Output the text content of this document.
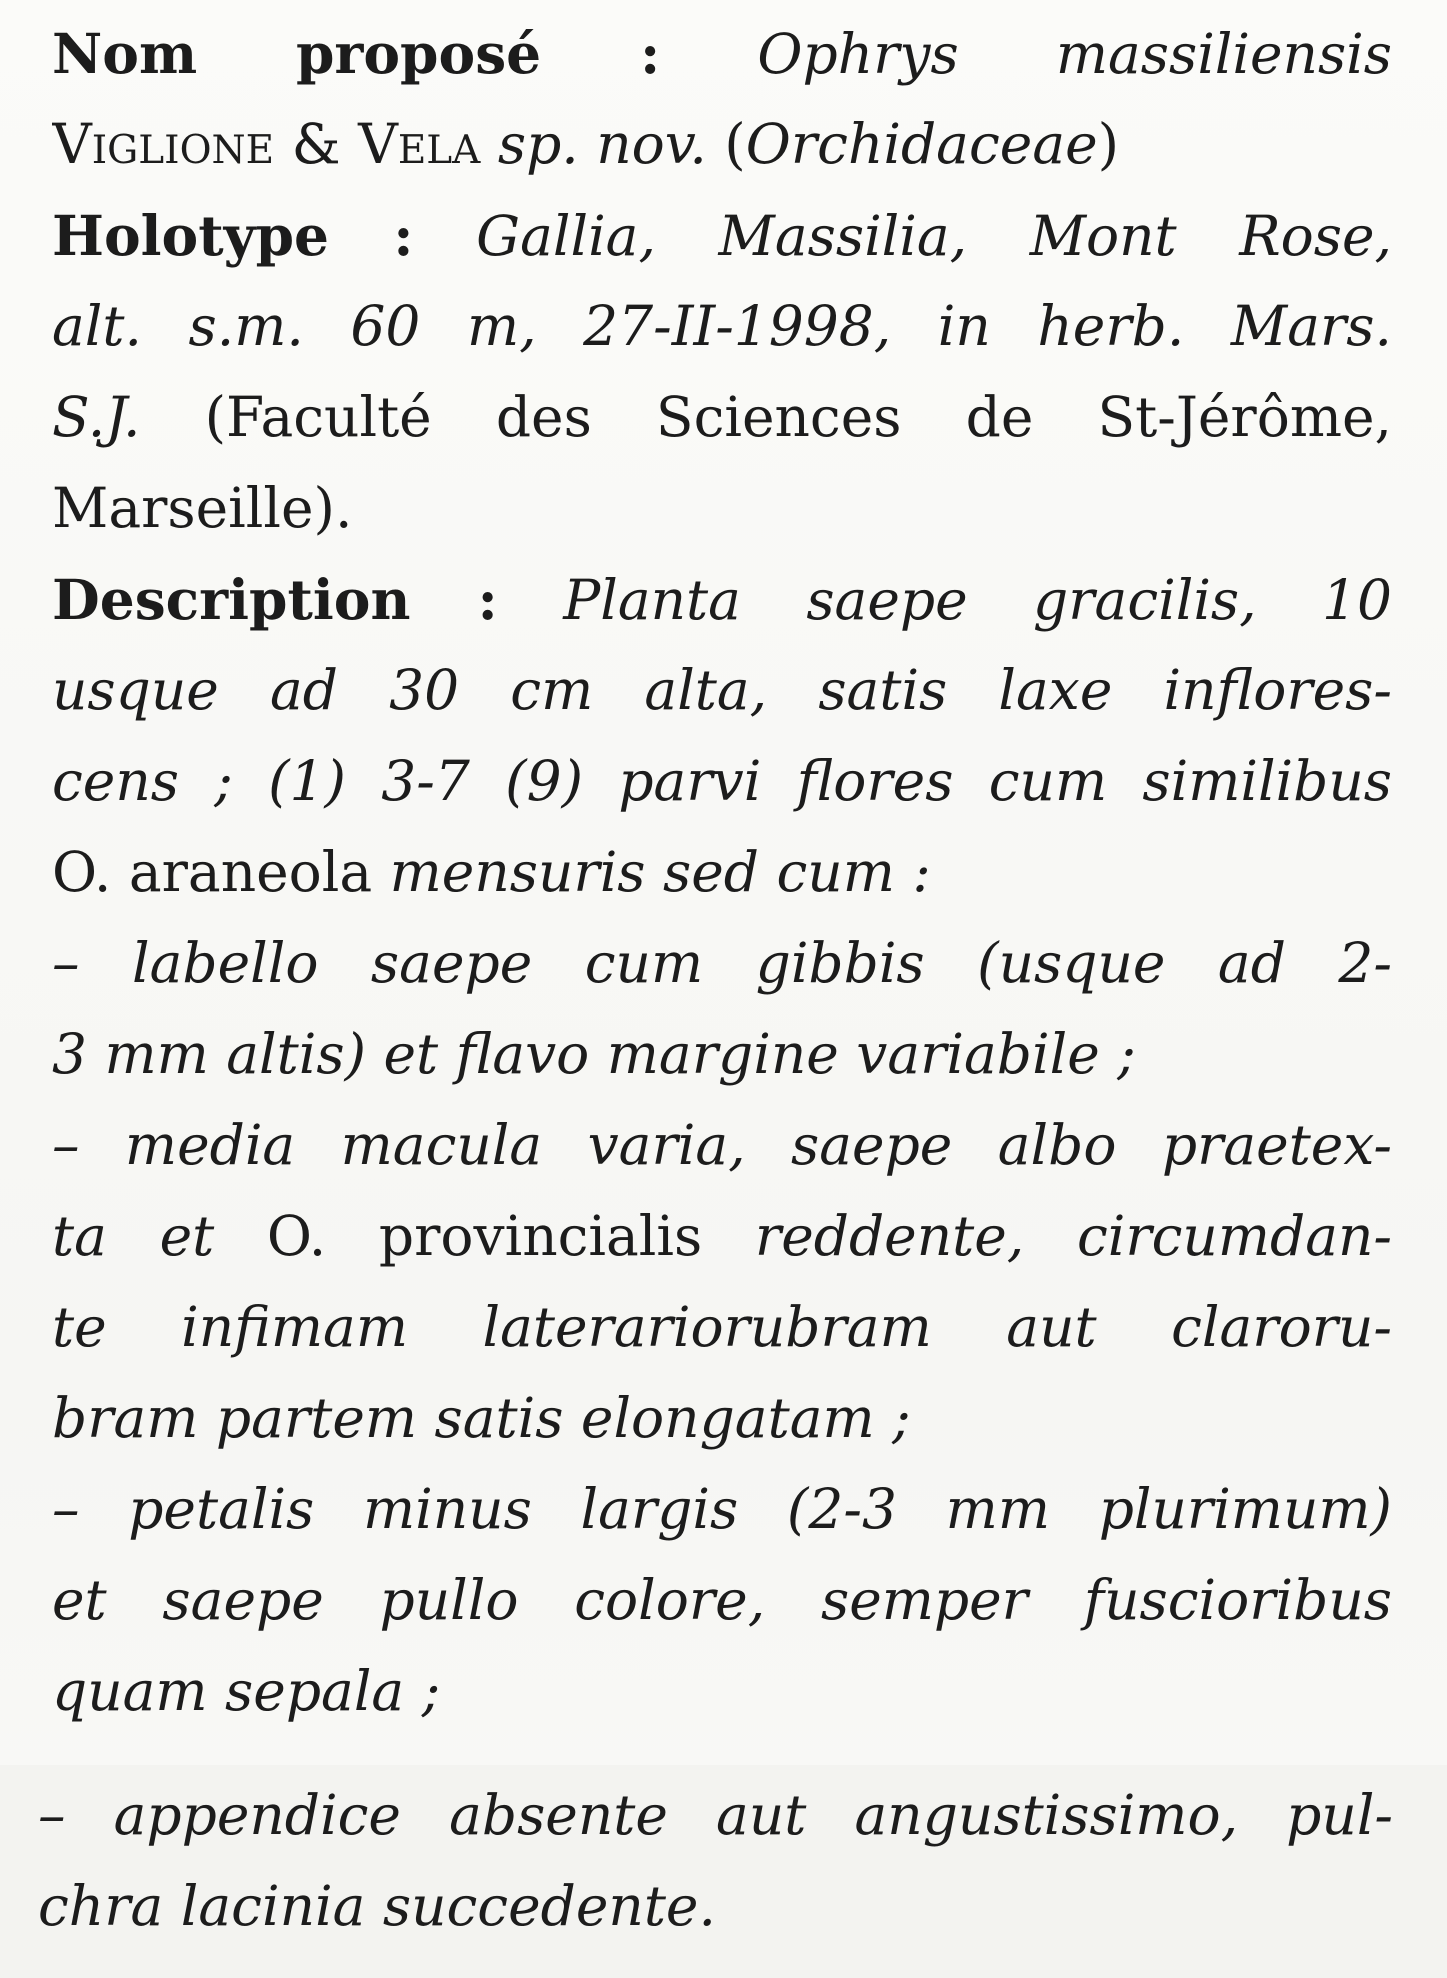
Nom proposé : Ophrys massiliensis
Viglione & Vela sp. nov. (Orchidaceae)
Holotype : Gallia, Massilia, Mont Rose,
alt. s.m. 60 m, 27-II-1998, in herb. Mars.
S.J. (Faculté des Sciences de St-Jérôme,
Marseille).
Description : Planta saepe gracilis, 10
usque ad 30 cm alta, satis laxe inflores-
cens ; (1) 3-7 (9) parvi flores cum similibus
O. araneola mensuris sed cum :
– labello saepe cum gibbis (usque ad 2-
3 mm altis) et flavo margine variabile ;
– media macula varia, saepe albo praetex-
ta et O. provincialis reddente, circumdan-
te infimam laterariorubram aut claroru-
bram partem satis elongatam ;
– petalis minus largis (2-3 mm plurimum)
et saepe pullo colore, semper fuscioribus
quam sepala ;
– appendice absente aut angustissimo, pul-
chra lacinia succedente.
